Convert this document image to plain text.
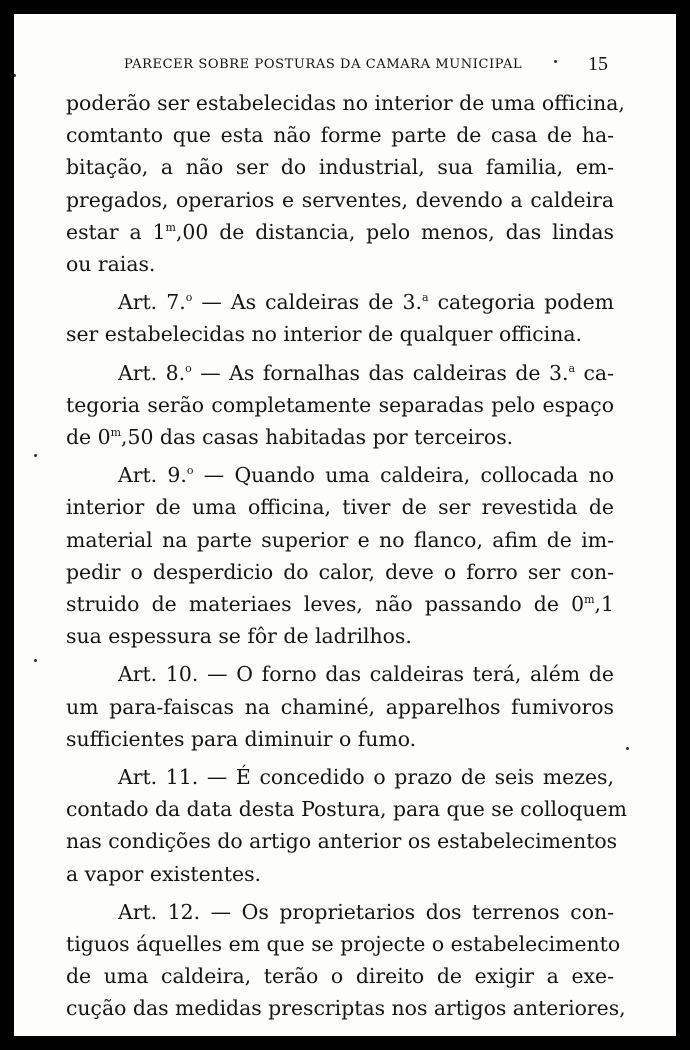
PARECER SOBRE POSTURAS DA CAMARA MUNICIPAL	15

poderão ser estabelecidas no interior de uma officina,
comtanto que esta não forme parte de casa de ha-
bitação, a não ser do industrial, sua familia, em-
pregados, operarios e serventes, devendo a caldeira
estar a 1$^m$,00 de distancia, pelo menos, das lindas
ou raias.

Art. 7.$^o$ — As caldeiras de 3.$^a$ categoria podem
ser estabelecidas no interior de qualquer officina.

Art. 8.$^o$ — As fornalhas das caldeiras de 3.$^a$ ca-
tegoria serão completamente separadas pelo espaço
de 0$^m$,50 das casas habitadas por terceiros.

Art. 9.$^o$ — Quando uma caldeira, collocada no
interior de uma officina, tiver de ser revestida de
material na parte superior e no flanco, afim de im-
pedir o desperdicio do calor, deve o forro ser con-
struido de materiaes leves, não passando de 0$^m$,1
sua espessura se fôr de ladrilhos.

Art. 10. — O forno das caldeiras terá, além de
um para-faiscas na chaminé, apparelhos fumivoros
sufficientes para diminuir o fumo.

Art. 11. — É concedido o prazo de seis mezes,
contado da data desta Postura, para que se colloquem
nas condições do artigo anterior os estabelecimentos
a vapor existentes.

Art. 12. — Os proprietarios dos terrenos con-
tiguos áquelles em que se projecte o estabelecimento
de uma caldeira, terão o direito de exigir a exe-
cução das medidas prescriptas nos artigos anteriores,
